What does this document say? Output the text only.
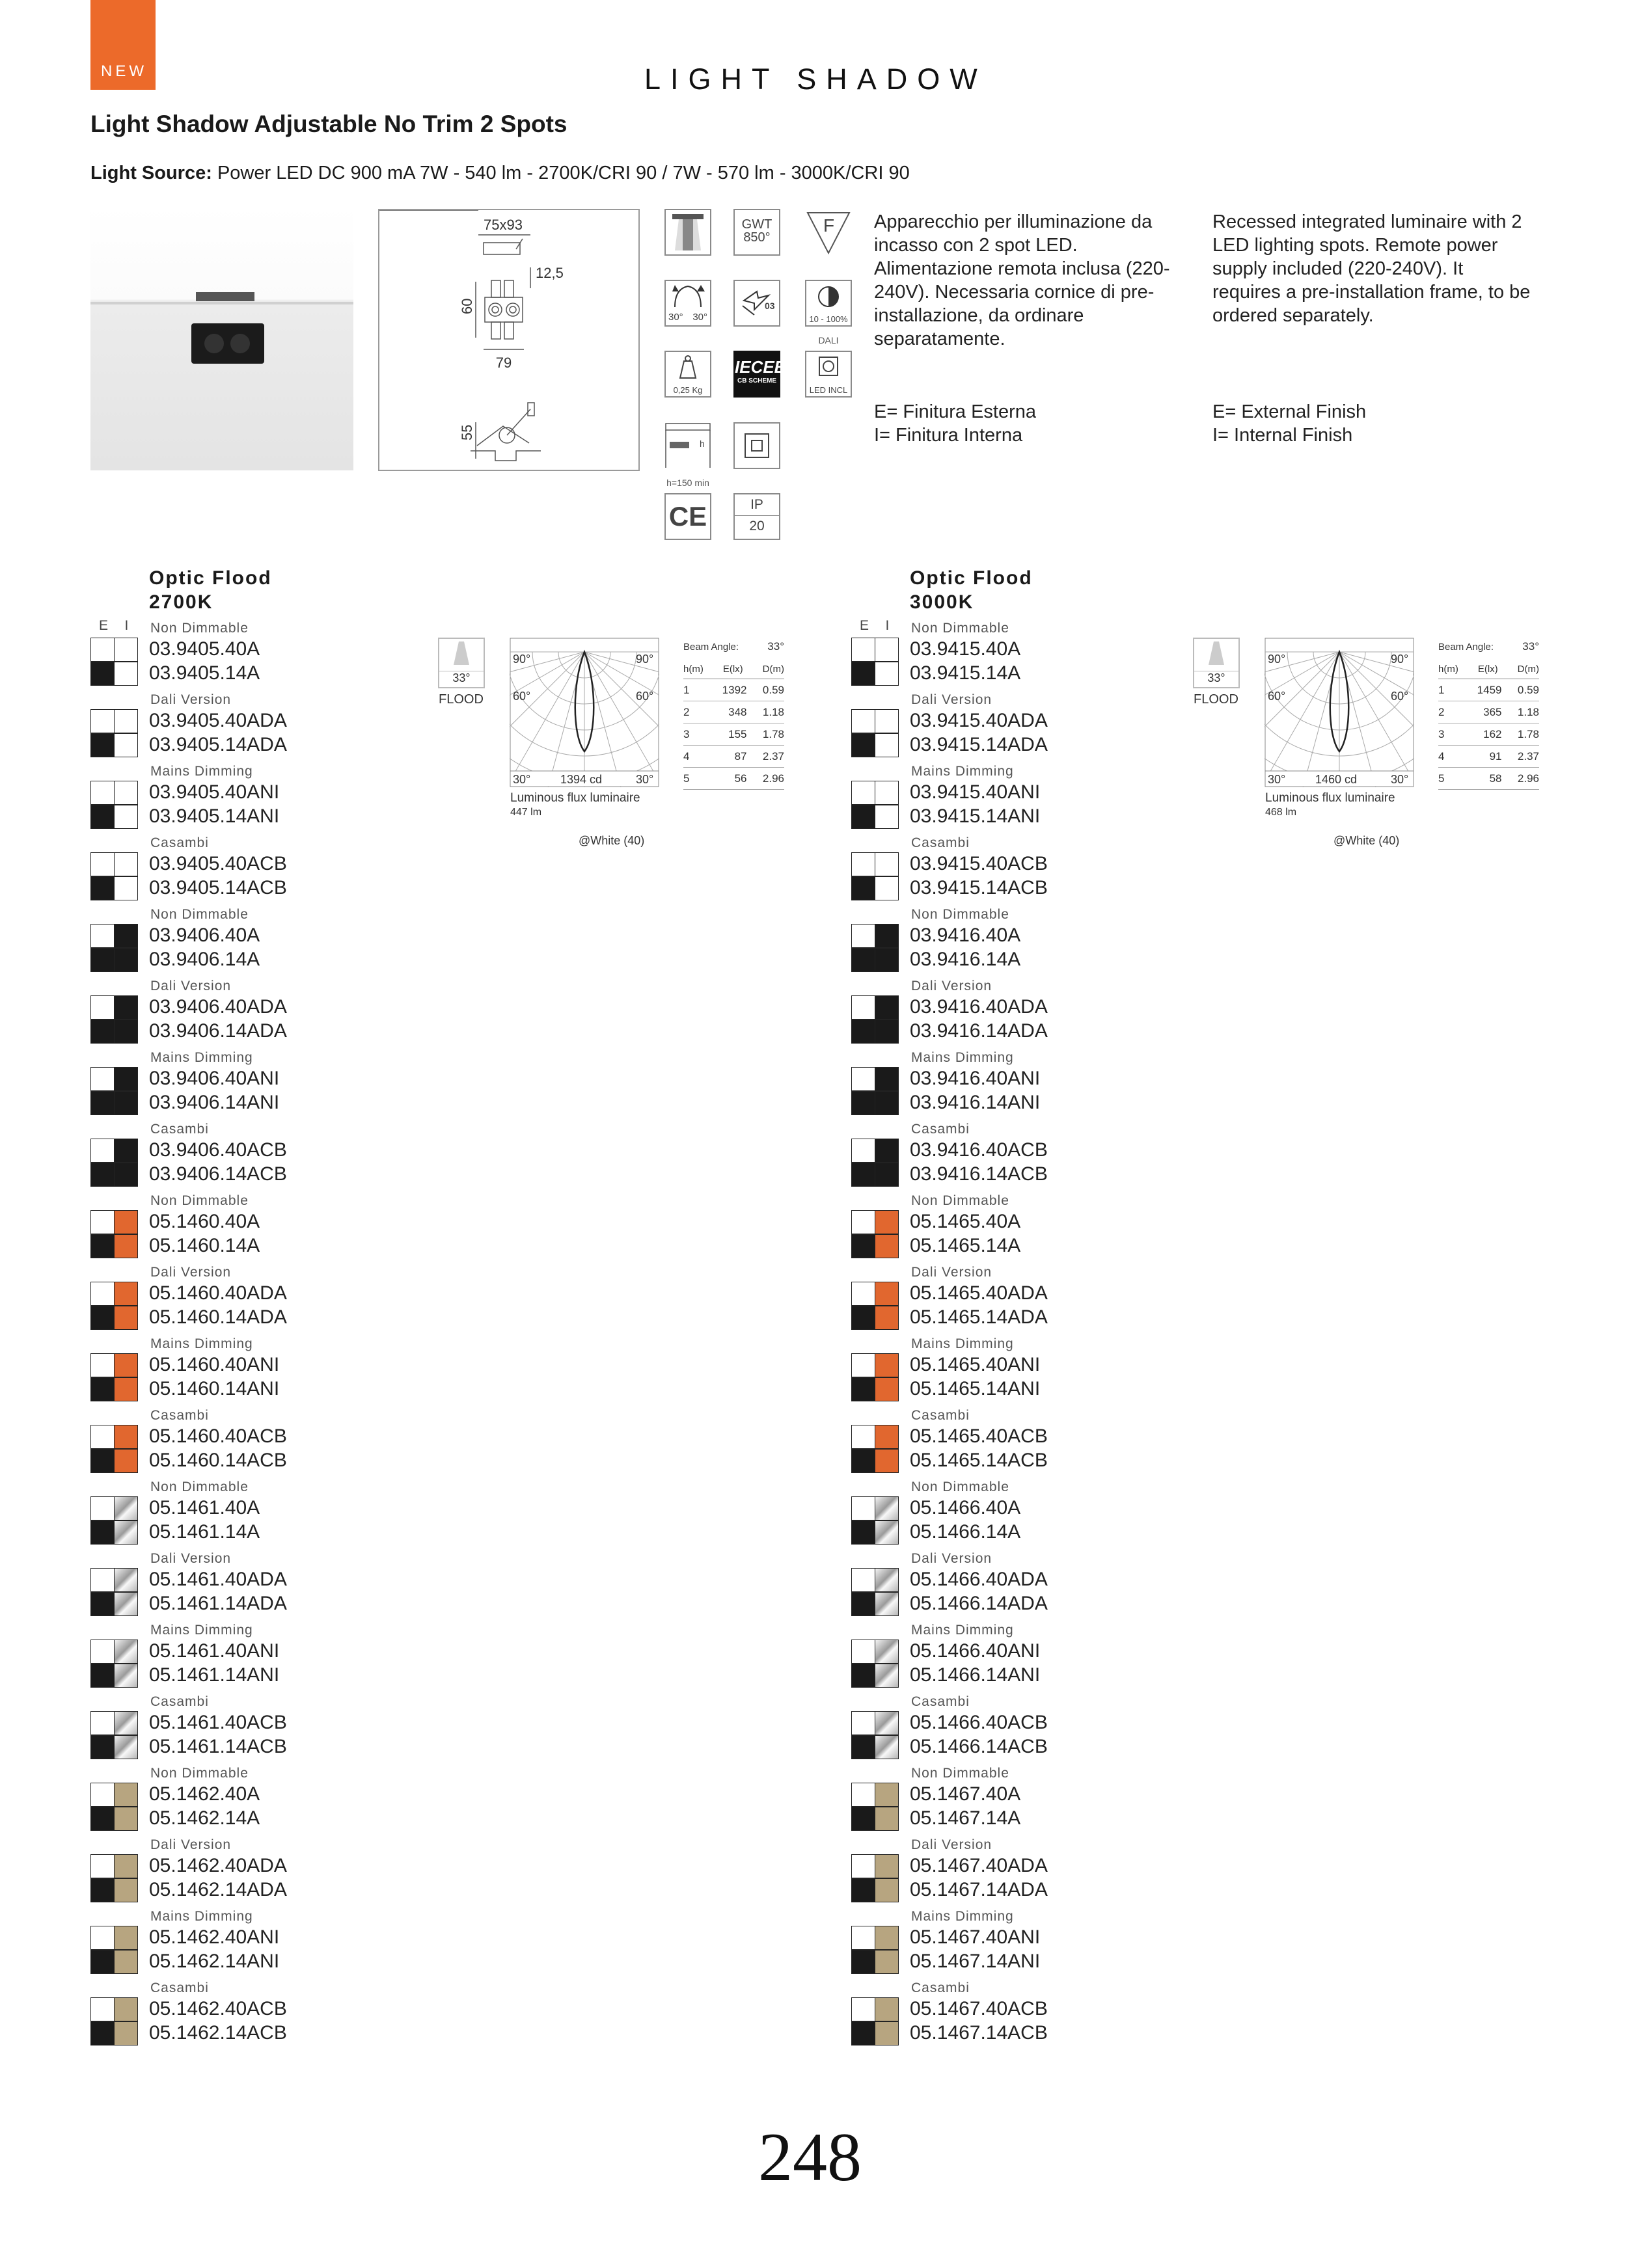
NEW	LIGHT SHADOW
Light Shadow Adjustable No Trim 2 Spots
Light Source: Power LED DC 900 mA 7W - 540 lm - 2700K/CRI 90 / 7W - 570 lm - 3000K/CRI 90
75x93
12,5
60
79
55
GWT
850°
F
30° 30°
03
10 - 100%
DALI
0,25 Kg
IECEE
CB SCHEME
LED INCL
h
h=150 min
CE	IP
20
Apparecchio per illuminazione da incasso con 2 spot LED. Alimentazione remota inclusa (220-240V). Necessaria cornice di pre-installazione, da ordinare separatamente.
Recessed integrated luminaire with 2 LED lighting spots. Remote power supply included (220-240V). It requires a pre-installation frame, to be ordered separately.
E= Finitura Esterna
I= Finitura Interna
E= External Finish
I= Internal Finish
Optic Flood
2700K
E I Non Dimmable
03.9405.40A
03.9405.14A
Dali Version
03.9405.40ADA
03.9405.14ADA
Mains Dimming
03.9405.40ANI
03.9405.14ANI
Casambi
03.9405.40ACB
03.9405.14ACB
Non Dimmable
03.9406.40A
03.9406.14A
Dali Version
03.9406.40ADA
03.9406.14ADA
Mains Dimming
03.9406.40ANI
03.9406.14ANI
Casambi
03.9406.40ACB
03.9406.14ACB
Non Dimmable
05.1460.40A
05.1460.14A
Dali Version
05.1460.40ADA
05.1460.14ADA
Mains Dimming
05.1460.40ANI
05.1460.14ANI
Casambi
05.1460.40ACB
05.1460.14ACB
Non Dimmable
05.1461.40A
05.1461.14A
Dali Version
05.1461.40ADA
05.1461.14ADA
Mains Dimming
05.1461.40ANI
05.1461.14ANI
Casambi
05.1461.40ACB
05.1461.14ACB
Non Dimmable
05.1462.40A
05.1462.14A
Dali Version
05.1462.40ADA
05.1462.14ADA
Mains Dimming
05.1462.40ANI
05.1462.14ANI
Casambi
05.1462.40ACB
05.1462.14ACB
Optic Flood
3000K
E I Non Dimmable
03.9415.40A
03.9415.14A
Dali Version
03.9415.40ADA
03.9415.14ADA
Mains Dimming
03.9415.40ANI
03.9415.14ANI
Casambi
03.9415.40ACB
03.9415.14ACB
Non Dimmable
03.9416.40A
03.9416.14A
Dali Version
03.9416.40ADA
03.9416.14ADA
Mains Dimming
03.9416.40ANI
03.9416.14ANI
Casambi
03.9416.40ACB
03.9416.14ACB
Non Dimmable
05.1465.40A
05.1465.14A
Dali Version
05.1465.40ADA
05.1465.14ADA
Mains Dimming
05.1465.40ANI
05.1465.14ANI
Casambi
05.1465.40ACB
05.1465.14ACB
Non Dimmable
05.1466.40A
05.1466.14A
Dali Version
05.1466.40ADA
05.1466.14ADA
Mains Dimming
05.1466.40ANI
05.1466.14ANI
Casambi
05.1466.40ACB
05.1466.14ACB
Non Dimmable
05.1467.40A
05.1467.14A
Dali Version
05.1467.40ADA
05.1467.14ADA
Mains Dimming
05.1467.40ANI
05.1467.14ANI
Casambi
05.1467.40ACB
05.1467.14ACB
33°
FLOOD
90°	90°
60°	60°
30°	30°
1394 cd
Luminous flux luminaire
447 lm
@White (40)
Beam Angle:	33°
h(m) E(lx) D(m)
1	1392	0.59
2	348	1.18
3	155	1.78
4	87	2.37
5	56	2.96
33°
FLOOD
90°	90°
60°	60°
30°	30°
1460 cd
Luminous flux luminaire
468 lm
@White (40)
Beam Angle:	33°
h(m) E(lx) D(m)
1	1459	0.59
2	365	1.18
3	162	1.78
4	91	2.37
5	58	2.96
248
